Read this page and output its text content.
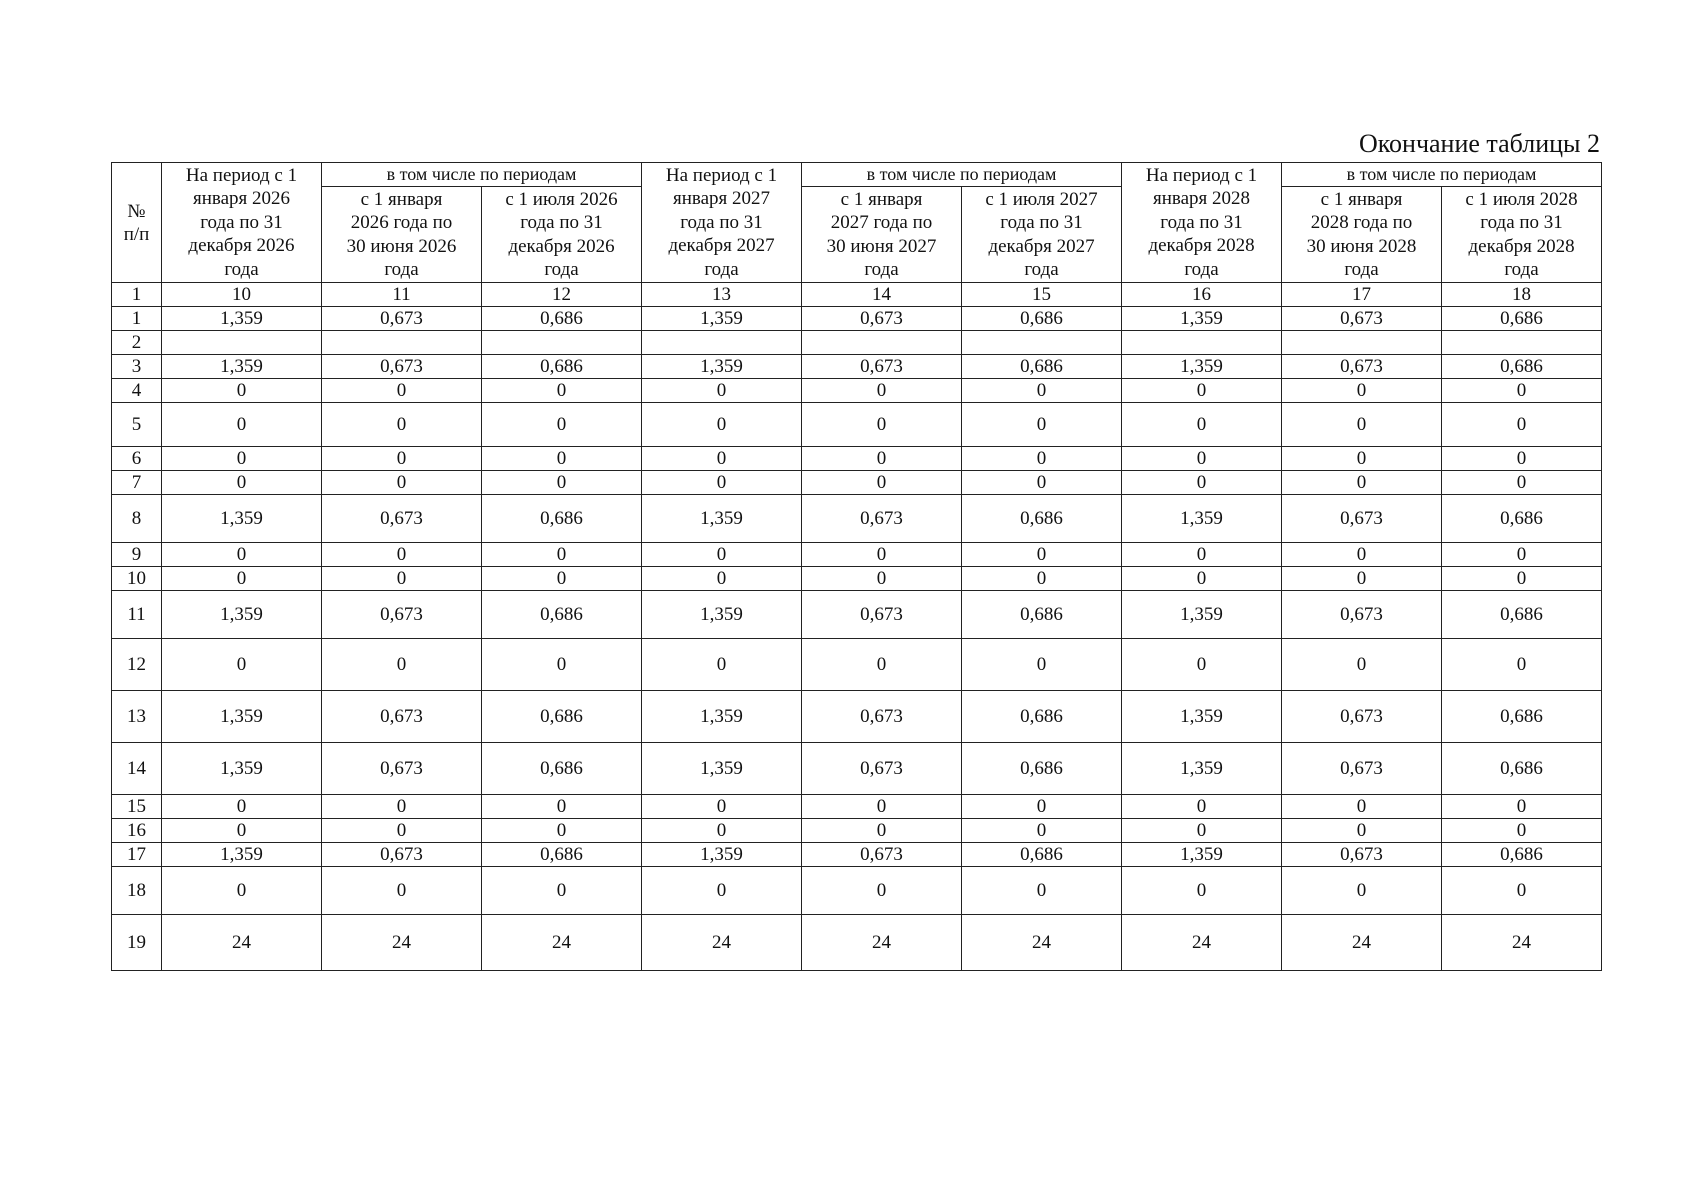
Окончание таблицы 2
№ п/п	На период с 1 января 2026 года по 31 декабря 2026 года	в том числе по периодам		На период с 1 января 2027 года по 31 декабря 2027 года	в том числе по периодам		На период с 1 января 2028 года по 31 декабря 2028 года	в том числе по периодам	
		с 1 января 2026 года по 30 июня 2026 года	с 1 июля 2026 года по 31 декабря 2026 года		с 1 января 2027 года по 30 июня 2027 года	с 1 июля 2027 года по 31 декабря 2027 года		с 1 января 2028 года по 30 июня 2028 года	с 1 июля 2028 года по 31 декабря 2028 года
1	10	11	12	13	14	15	16	17	18
1	1,359	0,673	0,686	1,359	0,673	0,686	1,359	0,673	0,686
2									
3	1,359	0,673	0,686	1,359	0,673	0,686	1,359	0,673	0,686
4	0	0	0	0	0	0	0	0	0
5	0	0	0	0	0	0	0	0	0
6	0	0	0	0	0	0	0	0	0
7	0	0	0	0	0	0	0	0	0
8	1,359	0,673	0,686	1,359	0,673	0,686	1,359	0,673	0,686
9	0	0	0	0	0	0	0	0	0
10	0	0	0	0	0	0	0	0	0
11	1,359	0,673	0,686	1,359	0,673	0,686	1,359	0,673	0,686
12	0	0	0	0	0	0	0	0	0
13	1,359	0,673	0,686	1,359	0,673	0,686	1,359	0,673	0,686
14	1,359	0,673	0,686	1,359	0,673	0,686	1,359	0,673	0,686
15	0	0	0	0	0	0	0	0	0
16	0	0	0	0	0	0	0	0	0
17	1,359	0,673	0,686	1,359	0,673	0,686	1,359	0,673	0,686
18	0	0	0	0	0	0	0	0	0
19	24	24	24	24	24	24	24	24	24
